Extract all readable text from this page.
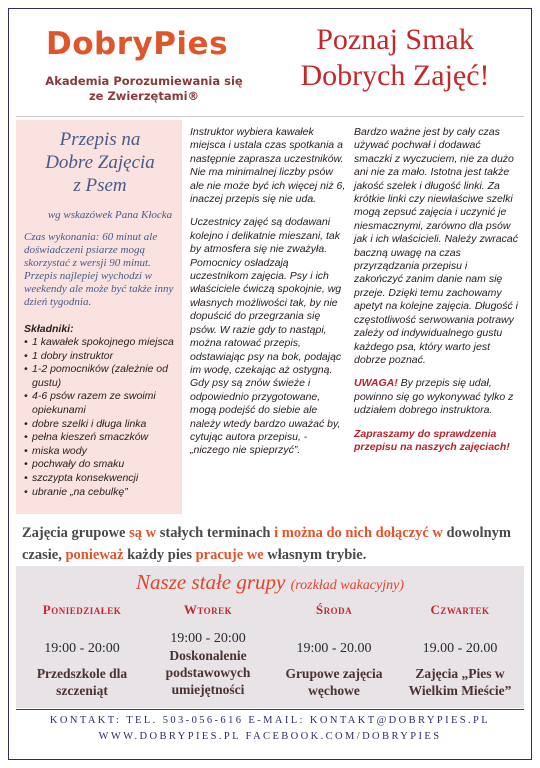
DobryPies
Akademia Porozumiewania się
ze Zwierzętami®
Poznaj Smak
Dobrych Zajęć!
Przepis na
Dobre Zajęcia
z Psem
wg wskazówek Pana Kłocka
Czas wykonania: 60 minut ale doświadczeni psiarze mogą skorzystać z wersji 90 minut. Przepis najlepiej wychodzi w weekendy ale może być także inny dzień tygodnia.
Składniki:
• 1 kawałek spokojnego miejsca
• 1 dobry instruktor
• 1-2 pomocników (zależnie od gustu)
• 4-6 psów razem ze swoimi opiekunami
• dobre szelki i długa linka
• pełna kieszeń smaczków
• miska wody
• pochwały do smaku
• szczypta konsekwencji
• ubranie „na cebulkę”

Instruktor wybiera kawałek miejsca i ustala czas spotkania a następnie zaprasza uczestników.

Nie ma minimalnej liczby psów ale nie może być ich więcej niż 6, inaczej przepis się nie uda.

Uczestnicy zajęć są dodawani kolejno i delikatnie mieszani, tak by atmosfera się nie zważyła.

Pomocnicy osładzają uczestnikom zajęcia. Psy i ich właściciele ćwiczą spokojnie, wg własnych możliwości tak, by nie dopuścić do przegrzania się psów. W razie gdy to nastąpi, można ratować przepis, odstawiając psy na bok, podając im wodę, czekając aż ostygną. Gdy psy są znów świeże i odpowiednio przygotowane, mogą podejść do siebie ale należy wtedy bardzo uważać by, cytując autora przepisu, - „niczego nie spieprzyć”.

Bardzo ważne jest by cały czas używać pochwał i dodawać smaczki z wyczuciem, nie za dużo ani nie za mało. Istotna jest także jakość szelek i długość linki. Za krótkie linki czy niewłaściwe szelki mogą zepsuć zajęcia i uczynić je niesmacznymi, zarówno dla psów jak i ich właścicieli. Należy zwracać baczną uwagę na czas przyrządzania przepisu i zakończyć zanim danie nam się przeje. Dzięki temu zachowamy apetyt na kolejne zajęcia. Długość i częstotliwość serwowania potrawy zależy od indywidualnego gustu każdego psa, który warto jest dobrze poznać.

UWAGA! By przepis się udał, powinno się go wykonywać tylko z udziałem dobrego instruktora.

Zapraszamy do sprawdzenia przepisu na naszych zajęciach!

Zajęcia grupowe są w stałych terminach i można do nich dołączyć w dowolnym czasie, ponieważ każdy pies pracuje we własnym trybie.
Nasze stałe grupy (rozkład wakacyjny)
Poniedziałek
19:00 - 20:00
Przedszkole dla szczeniąt
Wtorek
19:00 - 20:00
Doskonalenie podstawowych umiejętności
Środa
19:00 - 20.00
Grupowe zajęcia węchowe
Czwartek
19.00 - 20.00
Zajęcia „Pies w Wielkim Mieście”
KONTAKT: TEL. 503-056-616 E-MAIL: KONTAKT@DOBRYPIES.PL
WWW.DOBRYPIES.PL FACEBOOK.COM/DOBRYPIES
